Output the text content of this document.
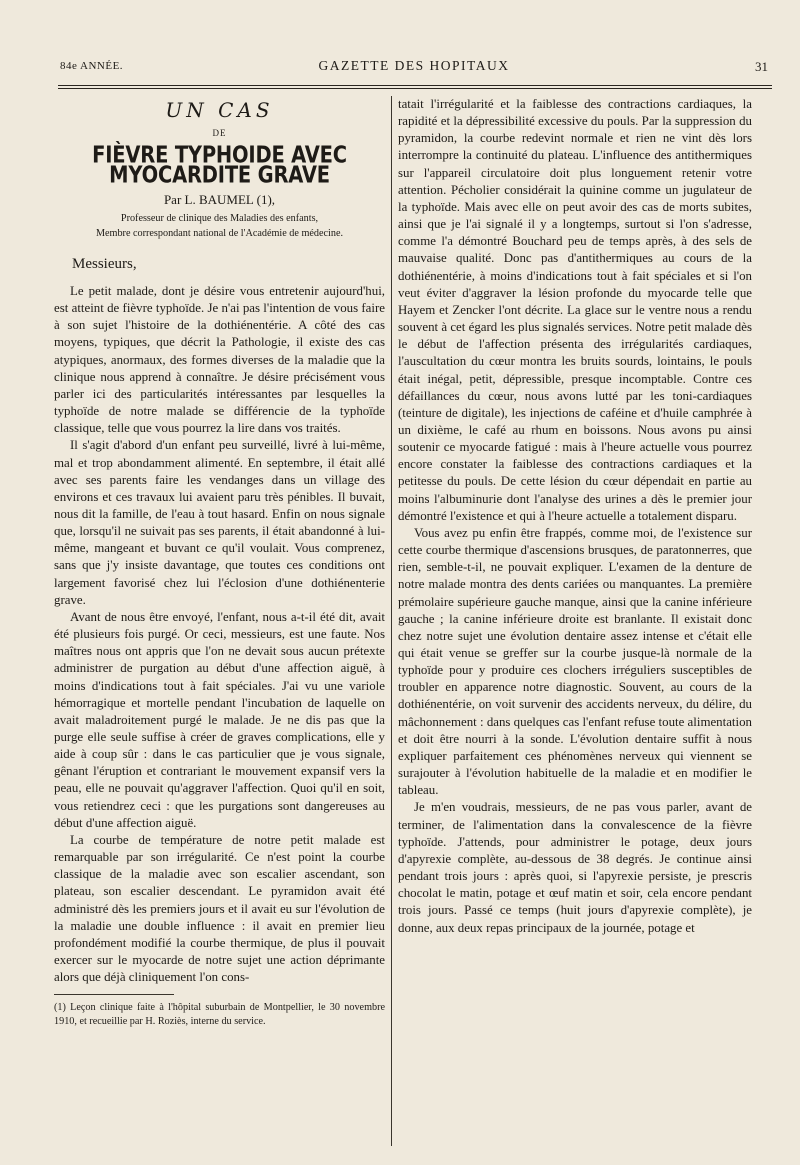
84e ANNÉE.	GAZETTE DES HOPITAUX	31
UN CAS
DE
FIÈVRE TYPHOIDE AVEC MYOCARDITE GRAVE
Par L. BAUMEL (1),
Professeur de clinique des Maladies des enfants,
Membre correspondant national de l'Académie de médecine.
Messieurs,

Le petit malade, dont je désire vous entretenir aujourd'hui, est atteint de fièvre typhoïde. Je n'ai pas l'intention de vous faire à son sujet l'histoire de la dothiénentérie. A côté des cas moyens, typiques, que décrit la Pathologie, il existe des cas atypiques, anormaux, des formes diverses de la maladie que la clinique nous apprend à connaître. Je désire précisément vous parler ici des particularités intéressantes par lesquelles la typhoïde de notre malade se différencie de la typhoïde classique, telle que vous pourrez la lire dans vos traités.

Il s'agit d'abord d'un enfant peu surveillé, livré à lui-même, mal et trop abondamment alimenté. En septembre, il était allé avec ses parents faire les vendanges dans un village des environs et ces travaux lui avaient paru très pénibles. Il buvait, nous dit la famille, de l'eau à tout hasard. Enfin on nous signale que, lorsqu'il ne suivait pas ses parents, il était abandonné à lui-même, mangeant et buvant ce qu'il voulait. Vous comprenez, sans que j'y insiste davantage, que toutes ces conditions ont largement favorisé chez lui l'éclosion d'une dothiénenterie grave.

Avant de nous être envoyé, l'enfant, nous a-t-il été dit, avait été plusieurs fois purgé. Or ceci, messieurs, est une faute. Nos maîtres nous ont appris que l'on ne devait sous aucun prétexte administrer de purgation au début d'une affection aiguë, à moins d'indications tout à fait spéciales. J'ai vu une variole hémorragique et mortelle pendant l'incubation de laquelle on avait maladroitement purgé le malade. Je ne dis pas que la purge elle seule suffise à créer de graves complications, elle y aide à coup sûr : dans le cas particulier que je vous signale, gênant l'éruption et contrariant le mouvement expansif vers la peau, elle ne pouvait qu'aggraver l'affection. Quoi qu'il en soit, vous retiendrez ceci : que les purgations sont dangereuses au début d'une affection aiguë.

La courbe de température de notre petit malade est remarquable par son irrégularité. Ce n'est point la courbe classique de la maladie avec son escalier ascendant, son plateau, son escalier descendant. Le pyramidon avait été administré dès les premiers jours et il avait eu sur l'évolution de la maladie une double influence : il avait en premier lieu profondément modifié la courbe thermique, de plus il pouvait exercer sur le myocarde de notre sujet une action déprimante alors que déjà cliniquement l'on cons-

(1) Leçon clinique faite à l'hôpital suburbain de Montpellier, le 30 novembre 1910, et recueillie par H. Roziès, interne du service.

tatait l'irrégularité et la faiblesse des contractions cardiaques, la rapidité et la dépressibilité excessive du pouls. Par la suppression du pyramidon, la courbe redevint normale et rien ne vint dès lors interrompre la continuité du plateau. L'influence des antithermiques sur l'appareil circulatoire doit plus longuement retenir votre attention. Pécholier considérait la quinine comme un jugulateur de la typhoïde. Mais avec elle on peut avoir des cas de morts subites, ainsi que je l'ai signalé il y a longtemps, surtout si l'on s'adresse, comme l'a démontré Bouchard peu de temps après, à des sels de mauvaise qualité. Donc pas d'antithermiques au cours de la dothiénentérie, à moins d'indications tout à fait spéciales et si l'on veut éviter d'aggraver la lésion profonde du myocarde telle que Hayem et Zencker l'ont décrite. La glace sur le ventre nous a rendu souvent à cet égard les plus signalés services. Notre petit malade dès le début de l'affection présenta des irrégularités cardiaques, l'auscultation du cœur montra les bruits sourds, lointains, le pouls était inégal, petit, dépressible, presque incomptable. Contre ces défaillances du cœur, nous avons lutté par les toni-cardiaques (teinture de digitale), les injections de caféine et d'huile camphrée à un dixième, le café au rhum en boissons. Nous avons pu ainsi soutenir ce myocarde fatigué : mais à l'heure actuelle vous pourrez encore constater la faiblesse des contractions cardiaques et la petitesse du pouls. De cette lésion du cœur dépendait en partie au moins l'albuminurie dont l'analyse des urines a dès le premier jour démontré l'existence et qui à l'heure actuelle a totalement disparu.

Vous avez pu enfin être frappés, comme moi, de l'existence sur cette courbe thermique d'ascensions brusques, de paratonnerres, que rien, semble-t-il, ne pouvait expliquer. L'examen de la denture de notre malade montra des dents cariées ou manquantes. La première prémolaire supérieure gauche manque, ainsi que la canine inférieure gauche ; la canine inférieure droite est branlante. Il existait donc chez notre sujet une évolution dentaire assez intense et c'était elle qui était venue se greffer sur la courbe jusque-là normale de la typhoïde pour y produire ces clochers irréguliers susceptibles de troubler en apparence notre diagnostic. Souvent, au cours de la dothiénentérie, on voit survenir des accidents nerveux, du délire, du mâchonnement : dans quelques cas l'enfant refuse toute alimentation et doit être nourri à la sonde. L'évolution dentaire suffit à nous expliquer parfaitement ces phénomènes nerveux qui viennent se surajouter à l'évolution habituelle de la maladie et en modifier le tableau.

Je m'en voudrais, messieurs, de ne pas vous parler, avant de terminer, de l'alimentation dans la convalescence de la fièvre typhoïde. J'attends, pour administrer le potage, deux jours d'apyrexie complète, au-dessous de 38 degrés. Je continue ainsi pendant trois jours : après quoi, si l'apyrexie persiste, je prescris chocolat le matin, potage et œuf matin et soir, cela encore pendant trois jours. Passé ce temps (huit jours d'apyrexie complète), je donne, aux deux repas principaux de la journée, potage et
